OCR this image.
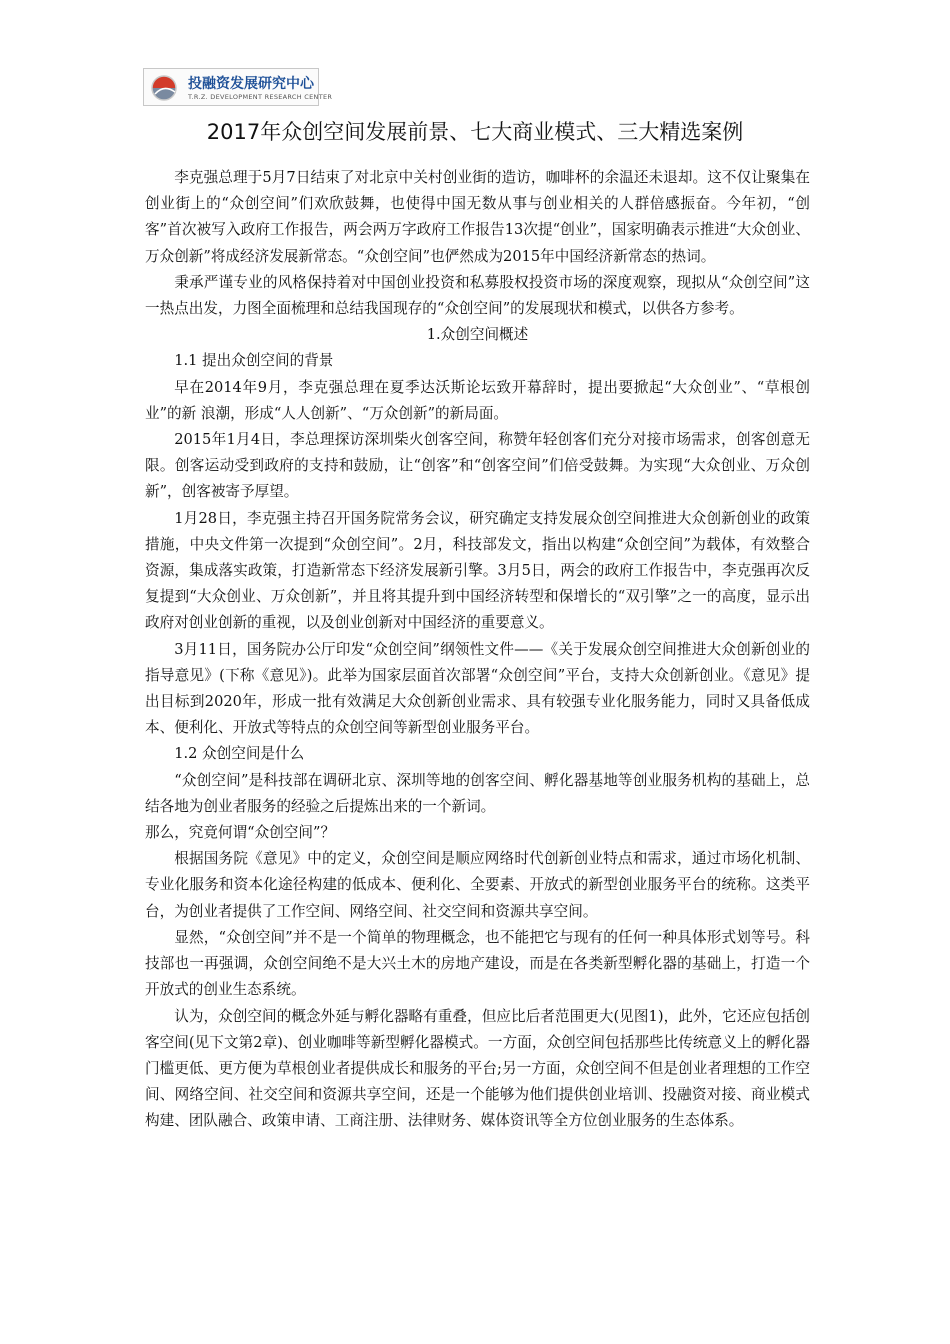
投融资发展研究中心
T.R.Z. DEVELOPMENT RESEARCH CENTER
2017年众创空间发展前景、七大商业模式、三大精选案例

李克强总理于5月7日结束了对北京中关村创业街的造访，咖啡杯的余温还未退却。这不仅让聚集在创业街上的“众创空间”们欢欣鼓舞，也使得中国无数从事与创业相关的人群倍感振奋。今年初，“创客”首次被写入政府工作报告，两会两万字政府工作报告13次提“创业”，国家明确表示推进“大众创业、万众创新”将成经济发展新常态。“众创空间”也俨然成为2015年中国经济新常态的热词。

秉承严谨专业的风格保持着对中国创业投资和私募股权投资市场的深度观察，现拟从“众创空间”这一热点出发，力图全面梳理和总结我国现存的“众创空间”的发展现状和模式，以供各方参考。

1.众创空间概述

1.1 提出众创空间的背景

早在2014年9月，李克强总理在夏季达沃斯论坛致开幕辞时，提出要掀起“大众创业”、“草根创业”的新 浪潮，形成“人人创新”、“万众创新”的新局面。

2015年1月4日，李总理探访深圳柴火创客空间，称赞年轻创客们充分对接市场需求，创客创意无限。创客运动受到政府的支持和鼓励，让“创客”和“创客空间”们倍受鼓舞。为实现“大众创业、万众创新”，创客被寄予厚望。

1月28日，李克强主持召开国务院常务会议，研究确定支持发展众创空间推进大众创新创业的政策措施，中央文件第一次提到“众创空间”。2月，科技部发文，指出以构建“众创空间”为载体，有效整合资源，集成落实政策，打造新常态下经济发展新引擎。3月5日，两会的政府工作报告中，李克强再次反复提到“大众创业、万众创新”，并且将其提升到中国经济转型和保增长的“双引擎”之一的高度，显示出政府对创业创新的重视，以及创业创新对中国经济的重要意义。

3月11日，国务院办公厅印发“众创空间”纲领性文件——《关于发展众创空间推进大众创新创业的指导意见》(下称《意见》)。此举为国家层面首次部署“众创空间”平台，支持大众创新创业。《意见》提出目标到2020年，形成一批有效满足大众创新创业需求、具有较强专业化服务能力，同时又具备低成本、便利化、开放式等特点的众创空间等新型创业服务平台。

1.2 众创空间是什么

“众创空间”是科技部在调研北京、深圳等地的创客空间、孵化器基地等创业服务机构的基础上，总结各地为创业者服务的经验之后提炼出来的一个新词。

那么，究竟何谓“众创空间”？

根据国务院《意见》中的定义，众创空间是顺应网络时代创新创业特点和需求，通过市场化机制、专业化服务和资本化途径构建的低成本、便利化、全要素、开放式的新型创业服务平台的统称。这类平台，为创业者提供了工作空间、网络空间、社交空间和资源共享空间。

显然，“众创空间”并不是一个简单的物理概念，也不能把它与现有的任何一种具体形式划等号。科技部也一再强调，众创空间绝不是大兴土木的房地产建设，而是在各类新型孵化器的基础上，打造一个开放式的创业生态系统。

认为，众创空间的概念外延与孵化器略有重叠，但应比后者范围更大(见图1)，此外，它还应包括创客空间(见下文第2章)、创业咖啡等新型孵化器模式。一方面，众创空间包括那些比传统意义上的孵化器门槛更低、更方便为草根创业者提供成长和服务的平台;另一方面，众创空间不但是创业者理想的工作空间、网络空间、社交空间和资源共享空间，还是一个能够为他们提供创业培训、投融资对接、商业模式构建、团队融合、政策申请、工商注册、法律财务、媒体资讯等全方位创业服务的生态体系。
